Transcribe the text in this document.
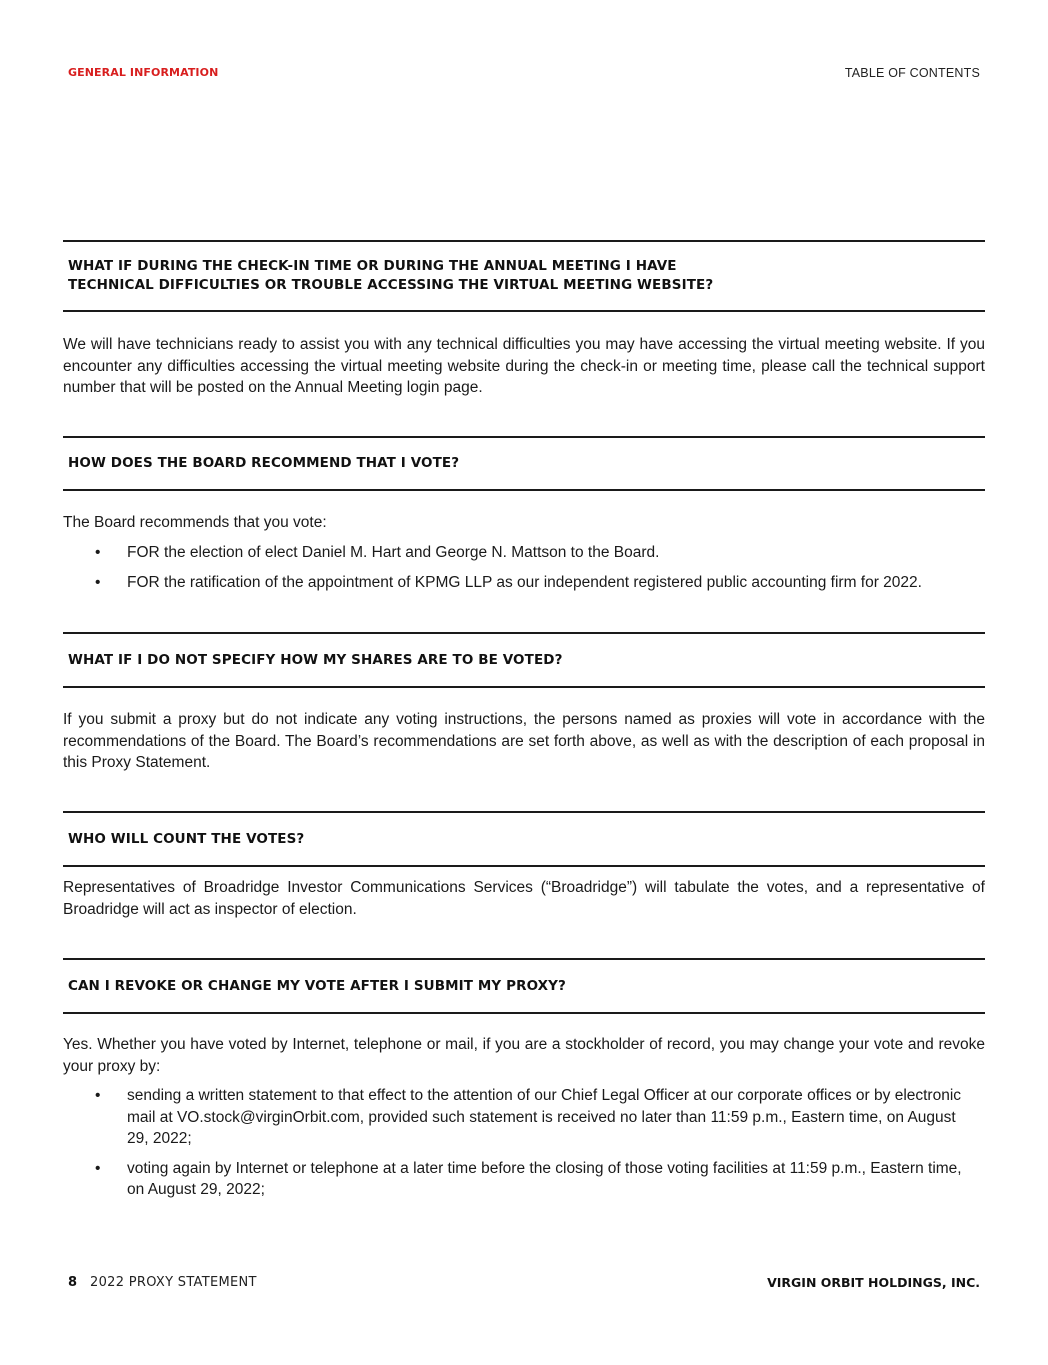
GENERAL INFORMATION	TABLE OF CONTENTS
WHAT IF DURING THE CHECK-IN TIME OR DURING THE ANNUAL MEETING I HAVE
TECHNICAL DIFFICULTIES OR TROUBLE ACCESSING THE VIRTUAL MEETING WEBSITE?

We will have technicians ready to assist you with any technical difficulties you may have accessing the virtual meeting website. If you encounter any difficulties accessing the virtual meeting website during the check-in or meeting time, please call the technical support number that will be posted on the Annual Meeting login page.

HOW DOES THE BOARD RECOMMEND THAT I VOTE?

The Board recommends that you vote:

• FOR the election of elect Daniel M. Hart and George N. Mattson to the Board.
• FOR the ratification of the appointment of KPMG LLP as our independent registered public accounting firm for 2022.
WHAT IF I DO NOT SPECIFY HOW MY SHARES ARE TO BE VOTED?

If you submit a proxy but do not indicate any voting instructions, the persons named as proxies will vote in accordance with the recommendations of the Board. The Board’s recommendations are set forth above, as well as with the description of each proposal in this Proxy Statement.

WHO WILL COUNT THE VOTES?

Representatives of Broadridge Investor Communications Services (“Broadridge”) will tabulate the votes, and a representative of Broadridge will act as inspector of election.

CAN I REVOKE OR CHANGE MY VOTE AFTER I SUBMIT MY PROXY?

Yes. Whether you have voted by Internet, telephone or mail, if you are a stockholder of record, you may change your vote and revoke your proxy by:

• sending a written statement to that effect to the attention of our Chief Legal Officer at our corporate offices or by electronic mail at VO.stock@virginOrbit.com, provided such statement is received no later than 11:59 p.m., Eastern time, on August 29, 2022;
• voting again by Internet or telephone at a later time before the closing of those voting facilities at 11:59 p.m., Eastern time, on August 29, 2022;
8 2022 PROXY STATEMENT	VIRGIN ORBIT HOLDINGS, INC.
